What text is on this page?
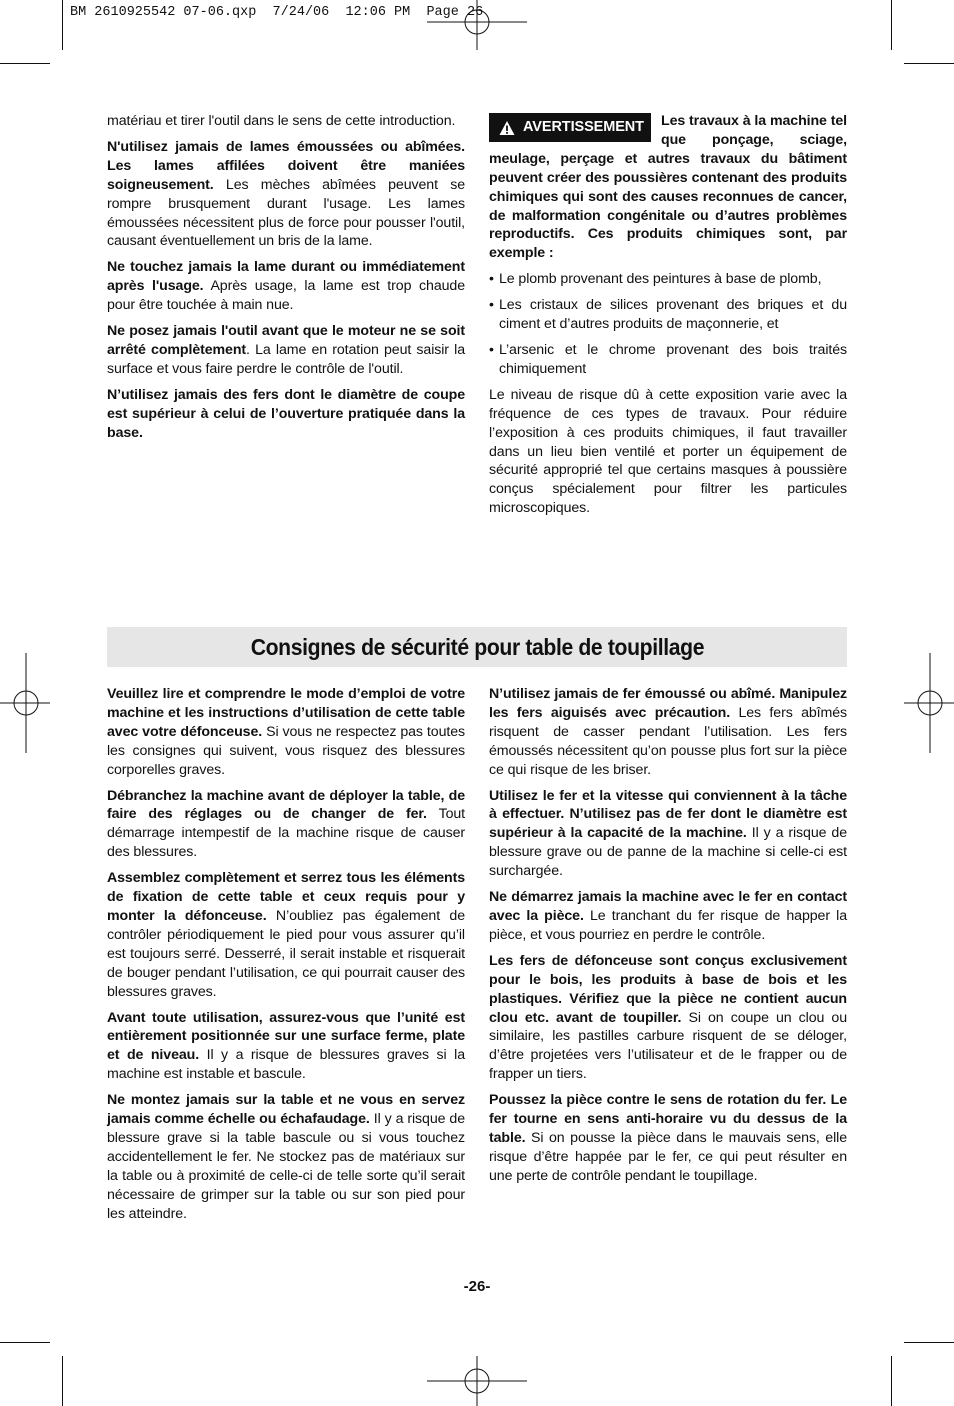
BM 2610925542 07-06.qxp  7/24/06  12:06 PM  Page 26

matériau et tirer l'outil dans le sens de cette introduction.

N'utilisez jamais de lames émoussées ou abîmées. Les lames affilées doivent être maniées soigneusement. Les mèches abîmées peuvent se rompre brusquement durant l'usage. Les lames émoussées nécessitent plus de force pour pousser l'outil, causant éventuellement un bris de la lame.

Ne touchez jamais la lame durant ou immédiatement après l'usage. Après usage, la lame est trop chaude pour être touchée à main nue.

Ne posez jamais l'outil avant que le moteur ne se soit arrêté complètement. La lame en rotation peut saisir la surface et vous faire perdre le contrôle de l'outil.

N’utilisez jamais des fers dont le diamètre de coupe est supérieur à celui de l’ouverture pratiquée dans la base.

AVERTISSEMENT	Les travaux à la machine tel que ponçage, sciage, meulage, perçage et autres travaux du bâtiment peuvent créer des poussières contenant des produits chimiques qui sont des causes reconnues de cancer, de malformation congénitale ou d’autres problèmes reproductifs. Ces produits chimiques sont, par exemple :

• Le plomb provenant des peintures à base de plomb,
• Les cristaux de silices provenant des briques et du ciment et d’autres produits de maçonnerie, et
• L’arsenic et le chrome provenant des bois traités chimiquement

Le niveau de risque dû à cette exposition varie avec la fréquence de ces types de travaux. Pour réduire l’exposition à ces produits chimiques, il faut travailler dans un lieu bien ventilé et porter un équipement de sécurité approprié tel que certains masques à poussière conçus spécialement pour filtrer les particules microscopiques.

Consignes de sécurité pour table de toupillage

Veuillez lire et comprendre le mode d’emploi de votre machine et les instructions d’utilisation de cette table avec votre défonceuse. Si vous ne respectez pas toutes les consignes qui suivent, vous risquez des blessures corporelles graves.

Débranchez la machine avant de déployer la table, de faire des réglages ou de changer de fer. Tout démarrage intempestif de la machine risque de causer des blessures.

Assemblez complètement et serrez tous les éléments de fixation de cette table et ceux requis pour y monter la défonceuse. N’oubliez pas également de contrôler périodiquement le pied pour vous assurer qu’il est toujours serré. Desserré, il serait instable et risquerait de bouger pendant l’utilisation, ce qui pourrait causer des blessures graves.

Avant toute utilisation, assurez-vous que l’unité est entièrement positionnée sur une surface ferme, plate et de niveau. Il y a risque de blessures graves si la machine est instable et bascule.

Ne montez jamais sur la table et ne vous en servez jamais comme échelle ou échafaudage. Il y a risque de blessure grave si la table bascule ou si vous touchez accidentellement le fer. Ne stockez pas de matériaux sur la table ou à proximité de celle-ci de telle sorte qu’il serait nécessaire de grimper sur la table ou sur son pied pour les atteindre.

N’utilisez jamais de fer émoussé ou abîmé. Manipulez les fers aiguisés avec précaution. Les fers abîmés risquent de casser pendant l’utilisation. Les fers émoussés nécessitent qu’on pousse plus fort sur la pièce ce qui risque de les briser.

Utilisez le fer et la vitesse qui conviennent à la tâche à effectuer. N’utilisez pas de fer dont le diamètre est supérieur à la capacité de la machine. Il y a risque de blessure grave ou de panne de la machine si celle-ci est surchargée.

Ne démarrez jamais la machine avec le fer en contact avec la pièce. Le tranchant du fer risque de happer la pièce, et vous pourriez en perdre le contrôle.

Les fers de défonceuse sont conçus exclusivement pour le bois, les produits à base de bois et les plastiques. Vérifiez que la pièce ne contient aucun clou etc. avant de toupiller. Si on coupe un clou ou similaire, les pastilles carbure risquent de se déloger, d’être projetées vers l’utilisateur et de le frapper ou de frapper un tiers.

Poussez la pièce contre le sens de rotation du fer. Le fer tourne en sens anti-horaire vu du dessus de la table. Si on pousse la pièce dans le mauvais sens, elle risque d’être happée par le fer, ce qui peut résulter en une perte de contrôle pendant le toupillage.

-26-
